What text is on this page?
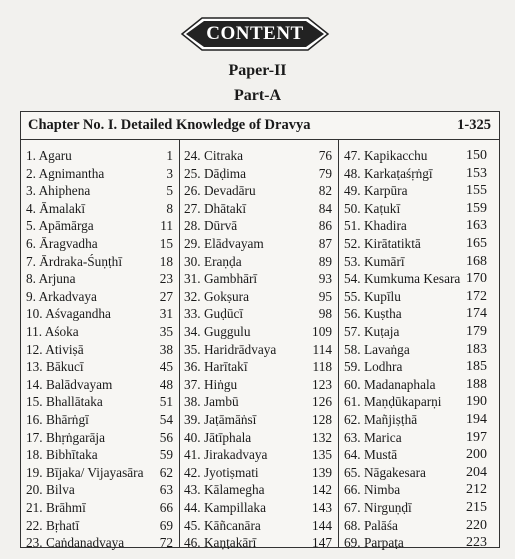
CONTENT
Paper-II
Part-A
Chapter No. I. Detailed Knowledge of Dravya	1-325
1. Agaru	1
2. Agnimantha	3
3. Ahiphena	5
4. Āmalakī	8
5. Apāmārga	11
6. Āragvadha	15
7. Ārdraka-Śuṇṭhī	18
8. Arjuna	23
9. Arkadvaya	27
10. Aśvagandha	31
11. Aśoka	35
12. Ativiṣā	38
13. Bākucī	45
14. Balādvayam	48
15. Bhallātaka	51
16. Bhārṅgī	54
17. Bhṛṅgarāja	56
18. Bibhītaka	59
19. Bījaka/ Vijayasāra 62
20. Bilva	63
21. Brāhmī	66
22. Bṛhatī	69
23. Caṅdanadvaya	72
24. Citraka	76
25. Dāḍima	79
26. Devadāru	82
27. Dhātakī	84
28. Dūrvā	86
29. Elādvayam	87
30. Eraṇḍa	89
31. Gambhārī	93
32. Gokṣura	95
33. Guḍūcī	98
34. Guggulu	109
35. Haridrādvaya	114
36. Harītakī	118
37. Hiṅgu	123
38. Jambū	126
39. Jaṭāmāṅsī	128
40. Jātīphala	132
41. Jirakadvaya	135
42. Jyotiṣmati	139
43. Kālamegha	142
44. Kampillaka	143
45. Kāñcanāra	144
46. Kaṇṭakārī	147
47. Kapikacchu	150
48. Karkaṭaśṛṅgī 153
49. Karpūra	155
50. Kaṭukī	159
51. Khadira	163
52. Kirātatiktā	165
53. Kumārī	168
54. Kumkuma Kesara 170
55. Kupīlu	172
56. Kuṣtha	174
57. Kuṭaja	179
58. Lavaṅga	183
59. Lodhra	185
60. Madanaphala 188
61. Maṇḍūkaparṇi 190
62. Mañjiṣṭhā	194
63. Marica	197
64. Mustā	200
65. Nāgakesara	204
66. Nimba	212
67. Nirguṇḍī	215
68. Palāśa	220
69. Parpaṭa	223
